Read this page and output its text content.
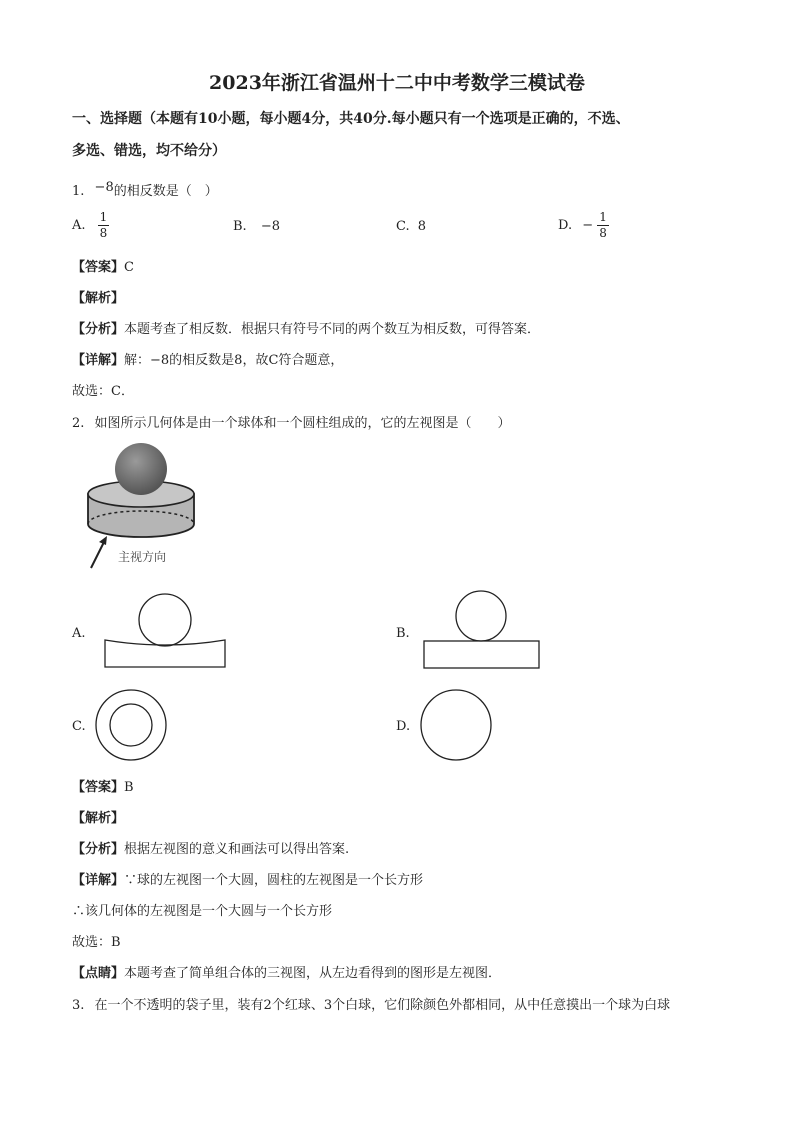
2023年浙江省温州十二中中考数学三模试卷
一、选择题（本题有10小题，每小题4分，共40分.每小题只有一个选项是正确的，不选、
多选、错选，均不给分）
1. −8的相反数是（　）
A. $\frac{1}{8}$	B. −8	C. 8	D. − $\frac{1}{8}$
【答案】C
【解析】
【分析】本题考查了相反数．根据只有符号不同的两个数互为相反数，可得答案．
【详解】解：−8的相反数是8，故C符合题意，
故选：C．
2. 如图所示几何体是由一个球体和一个圆柱组成的，它的左视图是（　　）
主视方向
A.	B.
C.	D.
【答案】B
【解析】
【分析】根据左视图的意义和画法可以得出答案.
【详解】∵球的左视图一个大圆，圆柱的左视图是一个长方形
∴该几何体的左视图是一个大圆与一个长方形
故选：B
【点睛】本题考查了简单组合体的三视图，从左边看得到的图形是左视图．
3. 在一个不透明的袋子里，装有2个红球、3个白球，它们除颜色外都相同，从中任意摸出一个球为白球
